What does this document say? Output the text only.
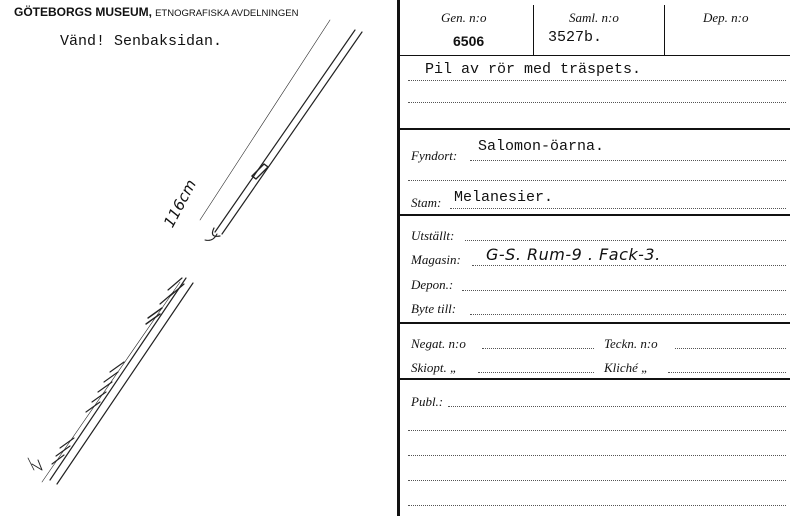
GÖTEBORGS MUSEUM, ETNOGRAFISKA AVDELNINGEN
Vänd! Senbaksidan.
116cm
Gen. n:o
6506
Saml. n:o
3527b.
Dep. n:o
Pil av rör med träspets.
Fyndort:
Salomon-öarna.
Stam: Melanesier.
Utställt:
Magasin: G-S. Rum-9 . Fack-3.
Depon.:
Byte till:
Negat. n:o	Teckn. n:o
Skiopt. „	Kliché „
Publ.:
